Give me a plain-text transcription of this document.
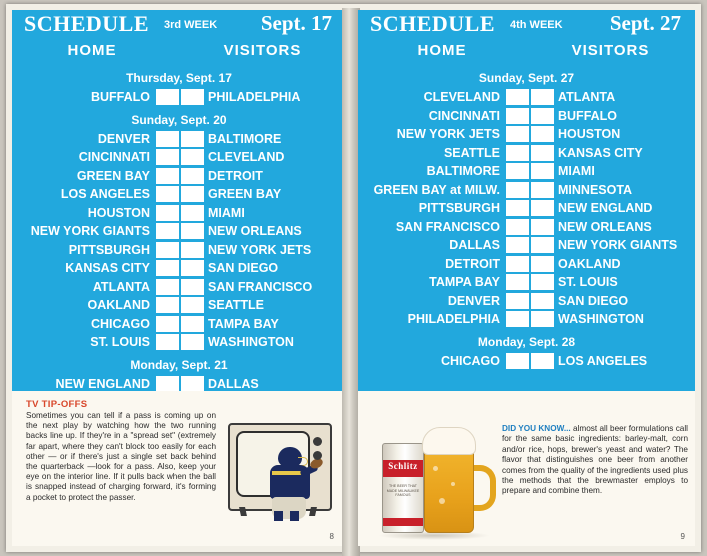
SCHEDULE 3rd WEEK Sept. 17
HOME	VISITORS
Thursday, Sept. 17
BUFFALO	PHILADELPHIA
Sunday, Sept. 20
DENVER	BALTIMORE
CINCINNATI	CLEVELAND
GREEN BAY	DETROIT
LOS ANGELES	GREEN BAY
HOUSTON	MIAMI
NEW YORK GIANTS	NEW ORLEANS
PITTSBURGH	NEW YORK JETS
KANSAS CITY	SAN DIEGO
ATLANTA	SAN FRANCISCO
OAKLAND	SEATTLE
CHICAGO	TAMPA BAY
ST. LOUIS	WASHINGTON
Monday, Sept. 21
NEW ENGLAND	DALLAS
TV TIP-OFFS
Sometimes you can tell if a pass is coming up on the next play by watching how the two running backs line up. If they're in a "spread set" (extremely far apart, where they can't block too easily for each other — or if there's just a single set back behind the quarterback —look for a pass. Also, keep your eye on the interior line. If it pulls back when the ball is snapped instead of charging forward, it's forming a pocket to protect the passer.
8
SCHEDULE 4th WEEK Sept. 27
HOME	VISITORS
Sunday, Sept. 27
CLEVELAND	ATLANTA
CINCINNATI	BUFFALO
NEW YORK JETS	HOUSTON
SEATTLE	KANSAS CITY
BALTIMORE	MIAMI
GREEN BAY at MILW.	MINNESOTA
PITTSBURGH	NEW ENGLAND
SAN FRANCISCO	NEW ORLEANS
DALLAS	NEW YORK GIANTS
DETROIT	OAKLAND
TAMPA BAY	ST. LOUIS
DENVER	SAN DIEGO
PHILADELPHIA	WASHINGTON
Monday, Sept. 28
CHICAGO	LOS ANGELES
Schlitz
THE BEER THAT MADE MILWAUKEE FAMOUS
DID YOU KNOW... almost all beer formulations call for the same basic ingredients: barley-malt, corn and/or rice, hops, brewer's yeast and water? The flavor that distinguishes one beer from another comes from the quality of the ingredients used plus the methods that the brewmaster employs to prepare and combine them.
9
